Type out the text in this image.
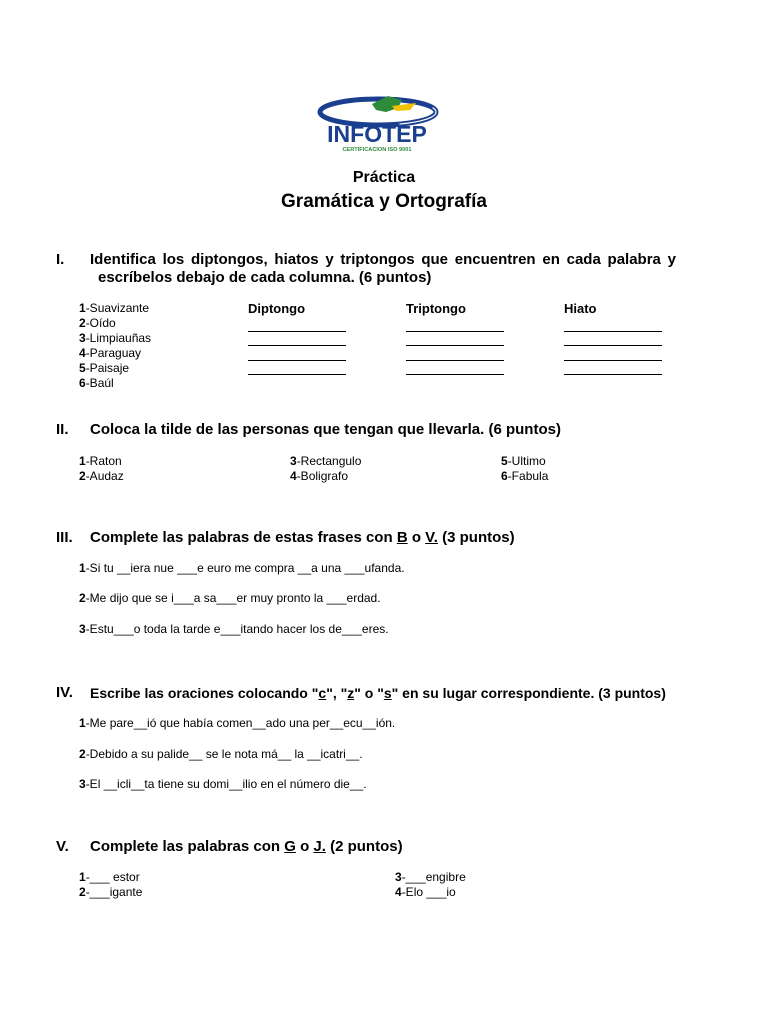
INFOTEP
CERTIFICACION ISO 9001
Práctica
Gramática y Ortografía
I. Identifica los diptongos, hiatos y triptongos que encuentren en cada palabra y
escríbelos debajo de cada columna. (6 puntos)
1-Suavizante
2-Oído
3-Limpiauñas
4-Paraguay
5-Paisaje
6-Baúl
Diptongo	Triptongo	Hiato
II. Coloca la tilde de las personas que tengan que llevarla. (6 puntos)
1-Raton
2-Audaz
3-Rectangulo
4-Boligrafo
5-Ultimo
6-Fabula
III. Complete las palabras de estas frases con B o V. (3 puntos)
1-Si tu __iera nue ___e euro me compra __a una ___ufanda.
2-Me dijo que se i___a sa___er muy pronto la ___erdad.
3-Estu___o toda la tarde e___itando hacer los de___eres.
IV. Escribe las oraciones colocando "c", "z" o "s" en su lugar correspondiente. (3 puntos)
1-Me pare__ió que había comen__ado una per__ecu__ión.
2-Debido a su palide__ se le nota má__ la __icatri__.
3-El __icli__ta tiene su domi__ilio en el número die__.
V. Complete las palabras con G o J. (2 puntos)
1-___ estor
2-___igante
3-___engibre
4-Elo ___io
